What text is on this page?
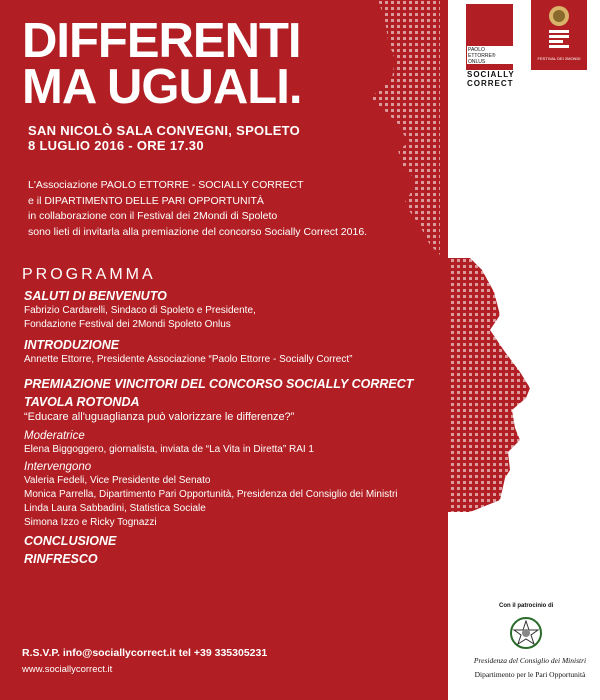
DIFFERENTI
MA UGUALI.
SAN NICOLÒ SALA CONVEGNI, SPOLETO
8 LUGLIO 2016 - ORE 17.30
L'Associazione PAOLO ETTORRE - SOCIALLY CORRECT
e il DIPARTIMENTO DELLE PARI OPPORTUNITÀ
in collaborazione con il Festival dei 2Mondi di Spoleto
sono lieti di invitarla alla premiazione del concorso Socially Correct 2016.
PROGRAMMA
SALUTI DI BENVENUTO
Fabrizio Cardarelli, Sindaco di Spoleto e Presidente,
Fondazione Festival dei 2Mondi Spoleto Onlus
INTRODUZIONE
Annette Ettorre, Presidente Associazione “Paolo Ettorre - Socially Correct”
PREMIAZIONE VINCITORI DEL CONCORSO SOCIALLY CORRECT
TAVOLA ROTONDA
“Educare all'uguaglianza può valorizzare le differenze?”
Moderatrice
Elena Biggoggero, giornalista, inviata de “La Vita in Diretta” RAI 1
Intervengono
Valeria Fedeli, Vice Presidente del Senato
Monica Parrella, Dipartimento Pari Opportunità, Presidenza del Consiglio dei Ministri
Linda Laura Sabbadini, Statistica Sociale
Simona Izzo e Ricky Tognazzi
CONCLUSIONE
RINFRESCO
R.S.V.P. info@sociallycorrect.it tel +39 335305231
www.sociallycorrect.it
PAOLO ETTORRE® ONLUS
SOCIALLY
CORRECT
FESTIVAL DEI 2MONDI
Con il patrocinio di
Presidenza del Consiglio dei Ministri
Dipartimento per le Pari Opportunità
